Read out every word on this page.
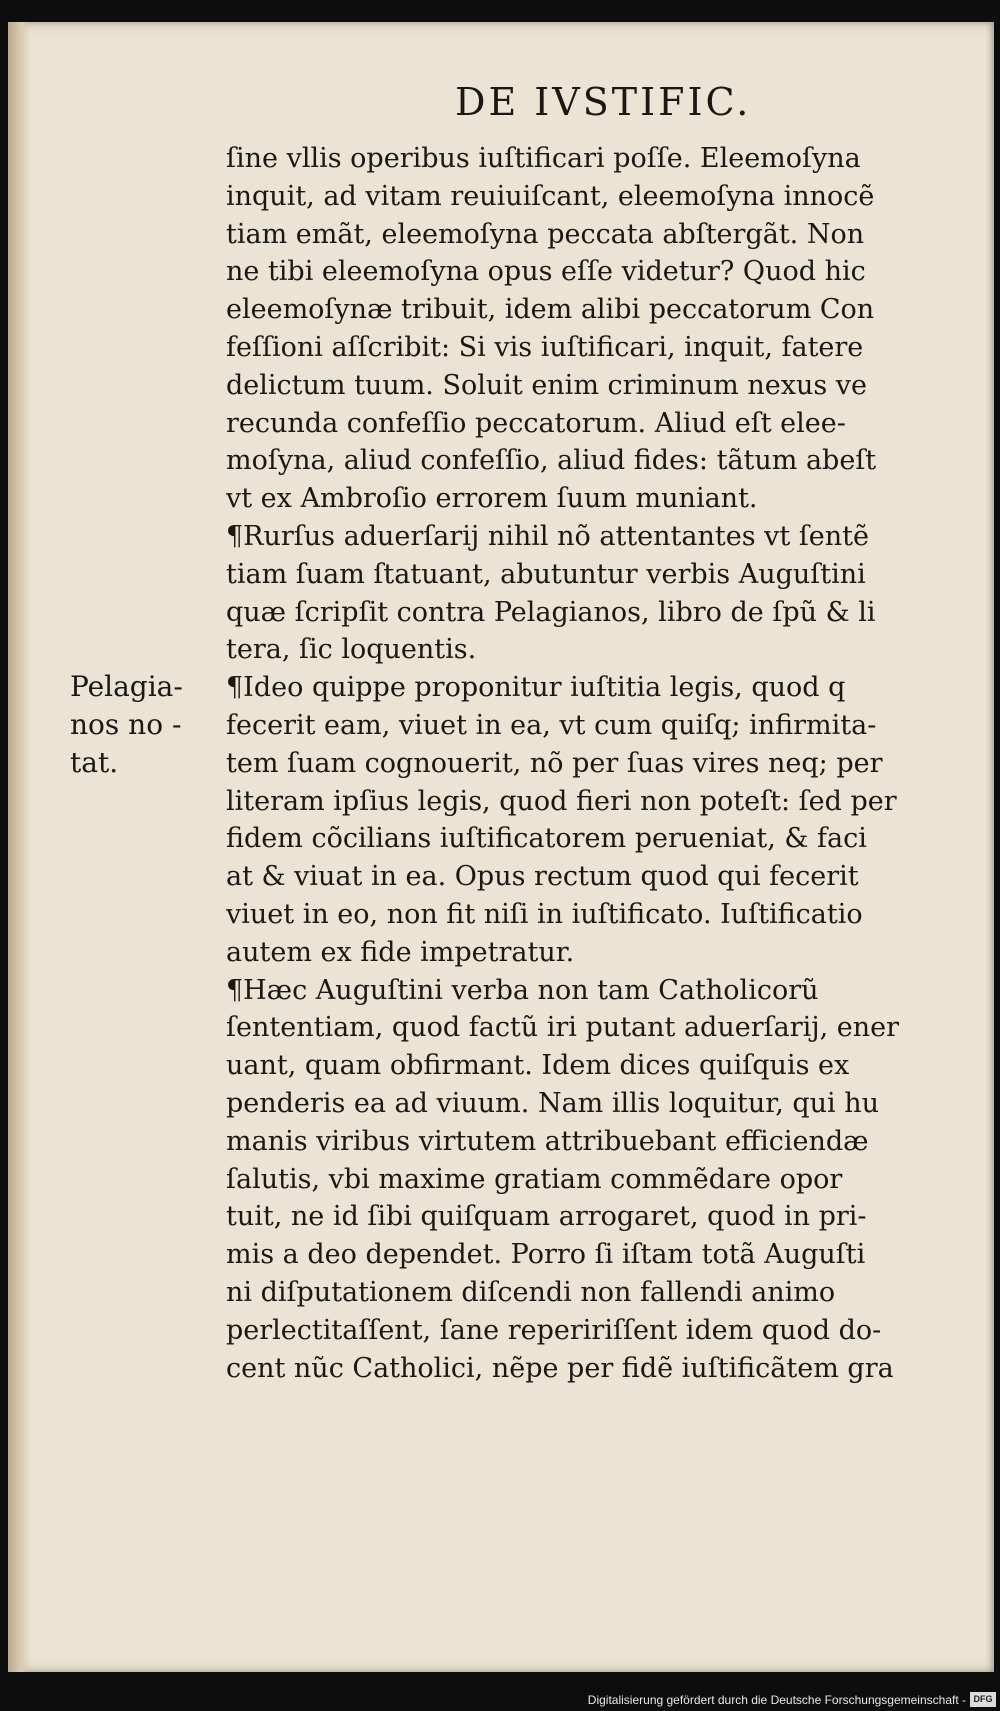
DE IVSTIFIC.
Pelagia-
nos no -
tat.
ſine vllis operibus iuſtificari poſſe. Eleemoſyna
inquit, ad vitam reuiuiſcant, eleemoſyna innocẽ
tiam emãt, eleemoſyna peccata abſtergãt. Non
ne tibi eleemoſyna opus eſſe videtur? Quod hic
eleemoſynæ tribuit, idem alibi peccatorum Con
feſſioni aſſcribit: Si vis iuſtificari, inquit, fatere
delictum tuum. Soluit enim criminum nexus ve
recunda confeſſio peccatorum. Aliud eſt elee-
moſyna, aliud confeſſio, aliud fides: tãtum abeſt
vt ex Ambroſio errorem ſuum muniant.
¶Rurſus aduerſarij nihil nõ attentantes vt ſentẽ
tiam ſuam ſtatuant, abutuntur verbis Auguſtini
quæ ſcripſit contra Pelagianos, libro de ſpũ & li
tera, ſic loquentis.
¶Ideo quippe proponitur iuſtitia legis, quod q
fecerit eam, viuet in ea, vt cum quiſq; infirmita-
tem ſuam cognouerit, nõ per ſuas vires neq; per
literam ipſius legis, quod fieri non poteſt: ſed per
fidem cõcilians iuſtificatorem perueniat, & faci
at & viuat in ea. Opus rectum quod qui fecerit
viuet in eo, non fit niſi in iuſtificato. Iuſtificatio
autem ex fide impetratur.
¶Hæc Auguſtini verba non tam Catholicorũ
ſententiam, quod factũ iri putant aduerſarij, ener
uant, quam obfirmant. Idem dices quiſquis ex
penderis ea ad viuum. Nam illis loquitur, qui hu
manis viribus virtutem attribuebant efficiendæ
ſalutis, vbi maxime gratiam commẽdare opor
tuit, ne id ſibi quiſquam arrogaret, quod in pri-
mis a deo dependet. Porro ſi iſtam totã Auguſti
ni diſputationem diſcendi non fallendi animo
perlectitaſſent, ſane repeririſſent idem quod do-
cent nũc Catholici, nẽpe per fidẽ iuſtificãtem gra
Digitalisierung gefördert durch die Deutsche Forschungsgemeinschaft - DFG
